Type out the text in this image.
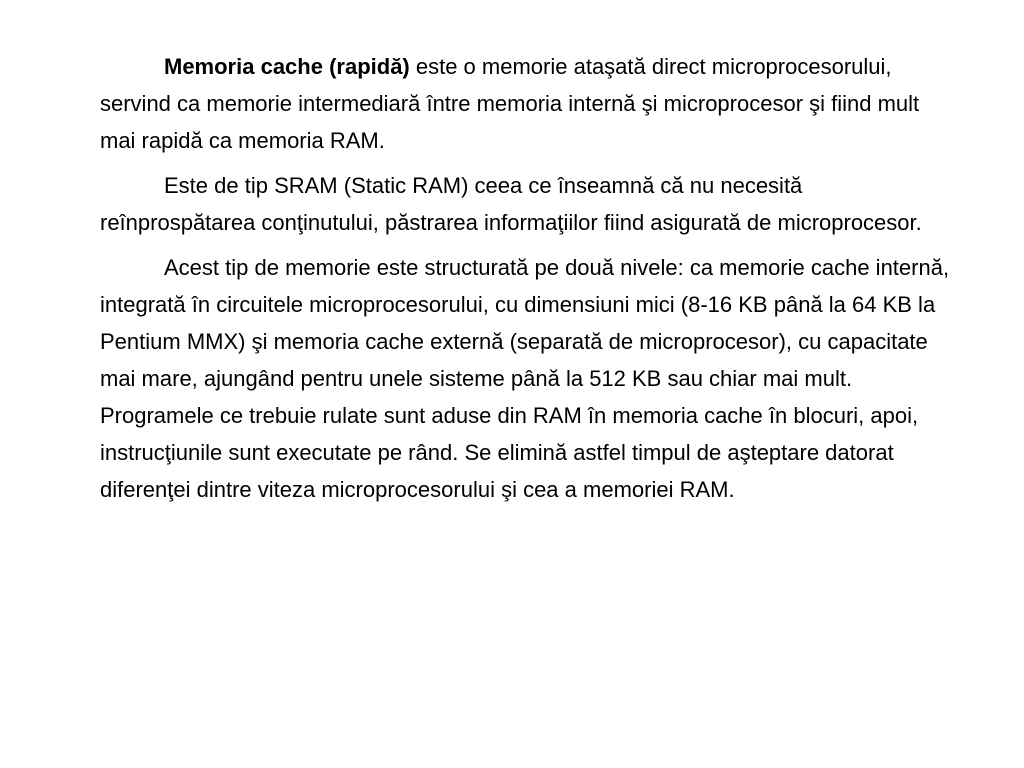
Memoria cache (rapidă) este o memorie ataşată direct microprocesorului, servind ca memorie intermediară între memoria internă şi microprocesor şi fiind mult mai rapidă ca memoria RAM.

Este de tip SRAM (Static RAM) ceea ce înseamnă că nu necesită reînprospătarea conţinutului, păstrarea informaţiilor fiind asigurată de microprocesor.

Acest tip de memorie este structurată pe două nivele: ca memorie cache internă, integrată în circuitele microprocesorului, cu dimensiuni mici (8-16 KB până la 64 KB la Pentium MMX) şi memoria cache externă (separată de microprocesor), cu capacitate mai mare, ajungând pentru unele sisteme până la 512 KB sau chiar mai mult. Programele ce trebuie rulate sunt aduse din RAM în memoria cache în blocuri, apoi, instrucţiunile sunt executate pe rând. Se elimină astfel timpul de aşteptare datorat diferenţei dintre viteza microprocesorului şi cea a memoriei RAM.
